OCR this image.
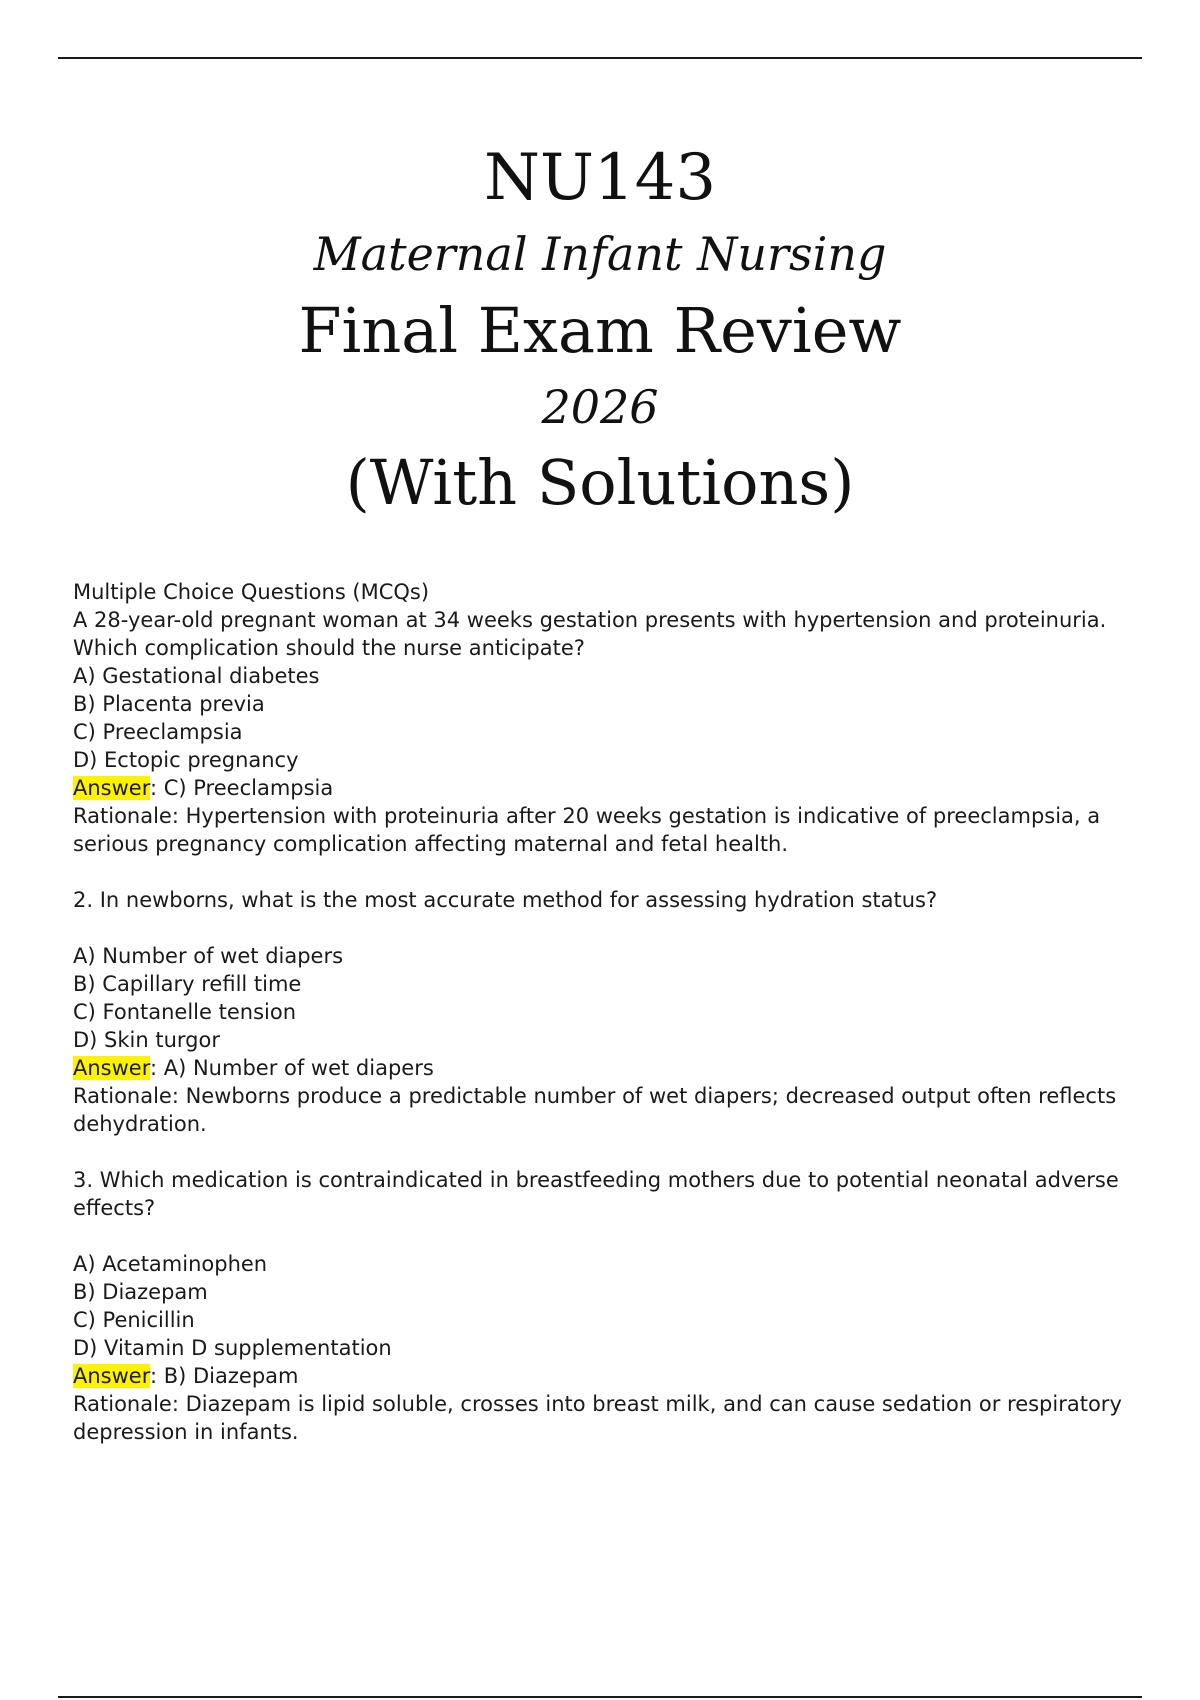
NU143
Maternal Infant Nursing
Final Exam Review
2026
(With Solutions)
Multiple Choice Questions (MCQs)
A 28-year-old pregnant woman at 34 weeks gestation presents with hypertension and proteinuria.
Which complication should the nurse anticipate?
A) Gestational diabetes
B) Placenta previa
C) Preeclampsia
D) Ectopic pregnancy
Answer: C) Preeclampsia
Rationale: Hypertension with proteinuria after 20 weeks gestation is indicative of preeclampsia, a
serious pregnancy complication affecting maternal and fetal health.
2. In newborns, what is the most accurate method for assessing hydration status?
A) Number of wet diapers
B) Capillary refill time
C) Fontanelle tension
D) Skin turgor
Answer: A) Number of wet diapers
Rationale: Newborns produce a predictable number of wet diapers; decreased output often reflects
dehydration.
3. Which medication is contraindicated in breastfeeding mothers due to potential neonatal adverse
effects?
A) Acetaminophen
B) Diazepam
C) Penicillin
D) Vitamin D supplementation
Answer: B) Diazepam
Rationale: Diazepam is lipid soluble, crosses into breast milk, and can cause sedation or respiratory
depression in infants.
